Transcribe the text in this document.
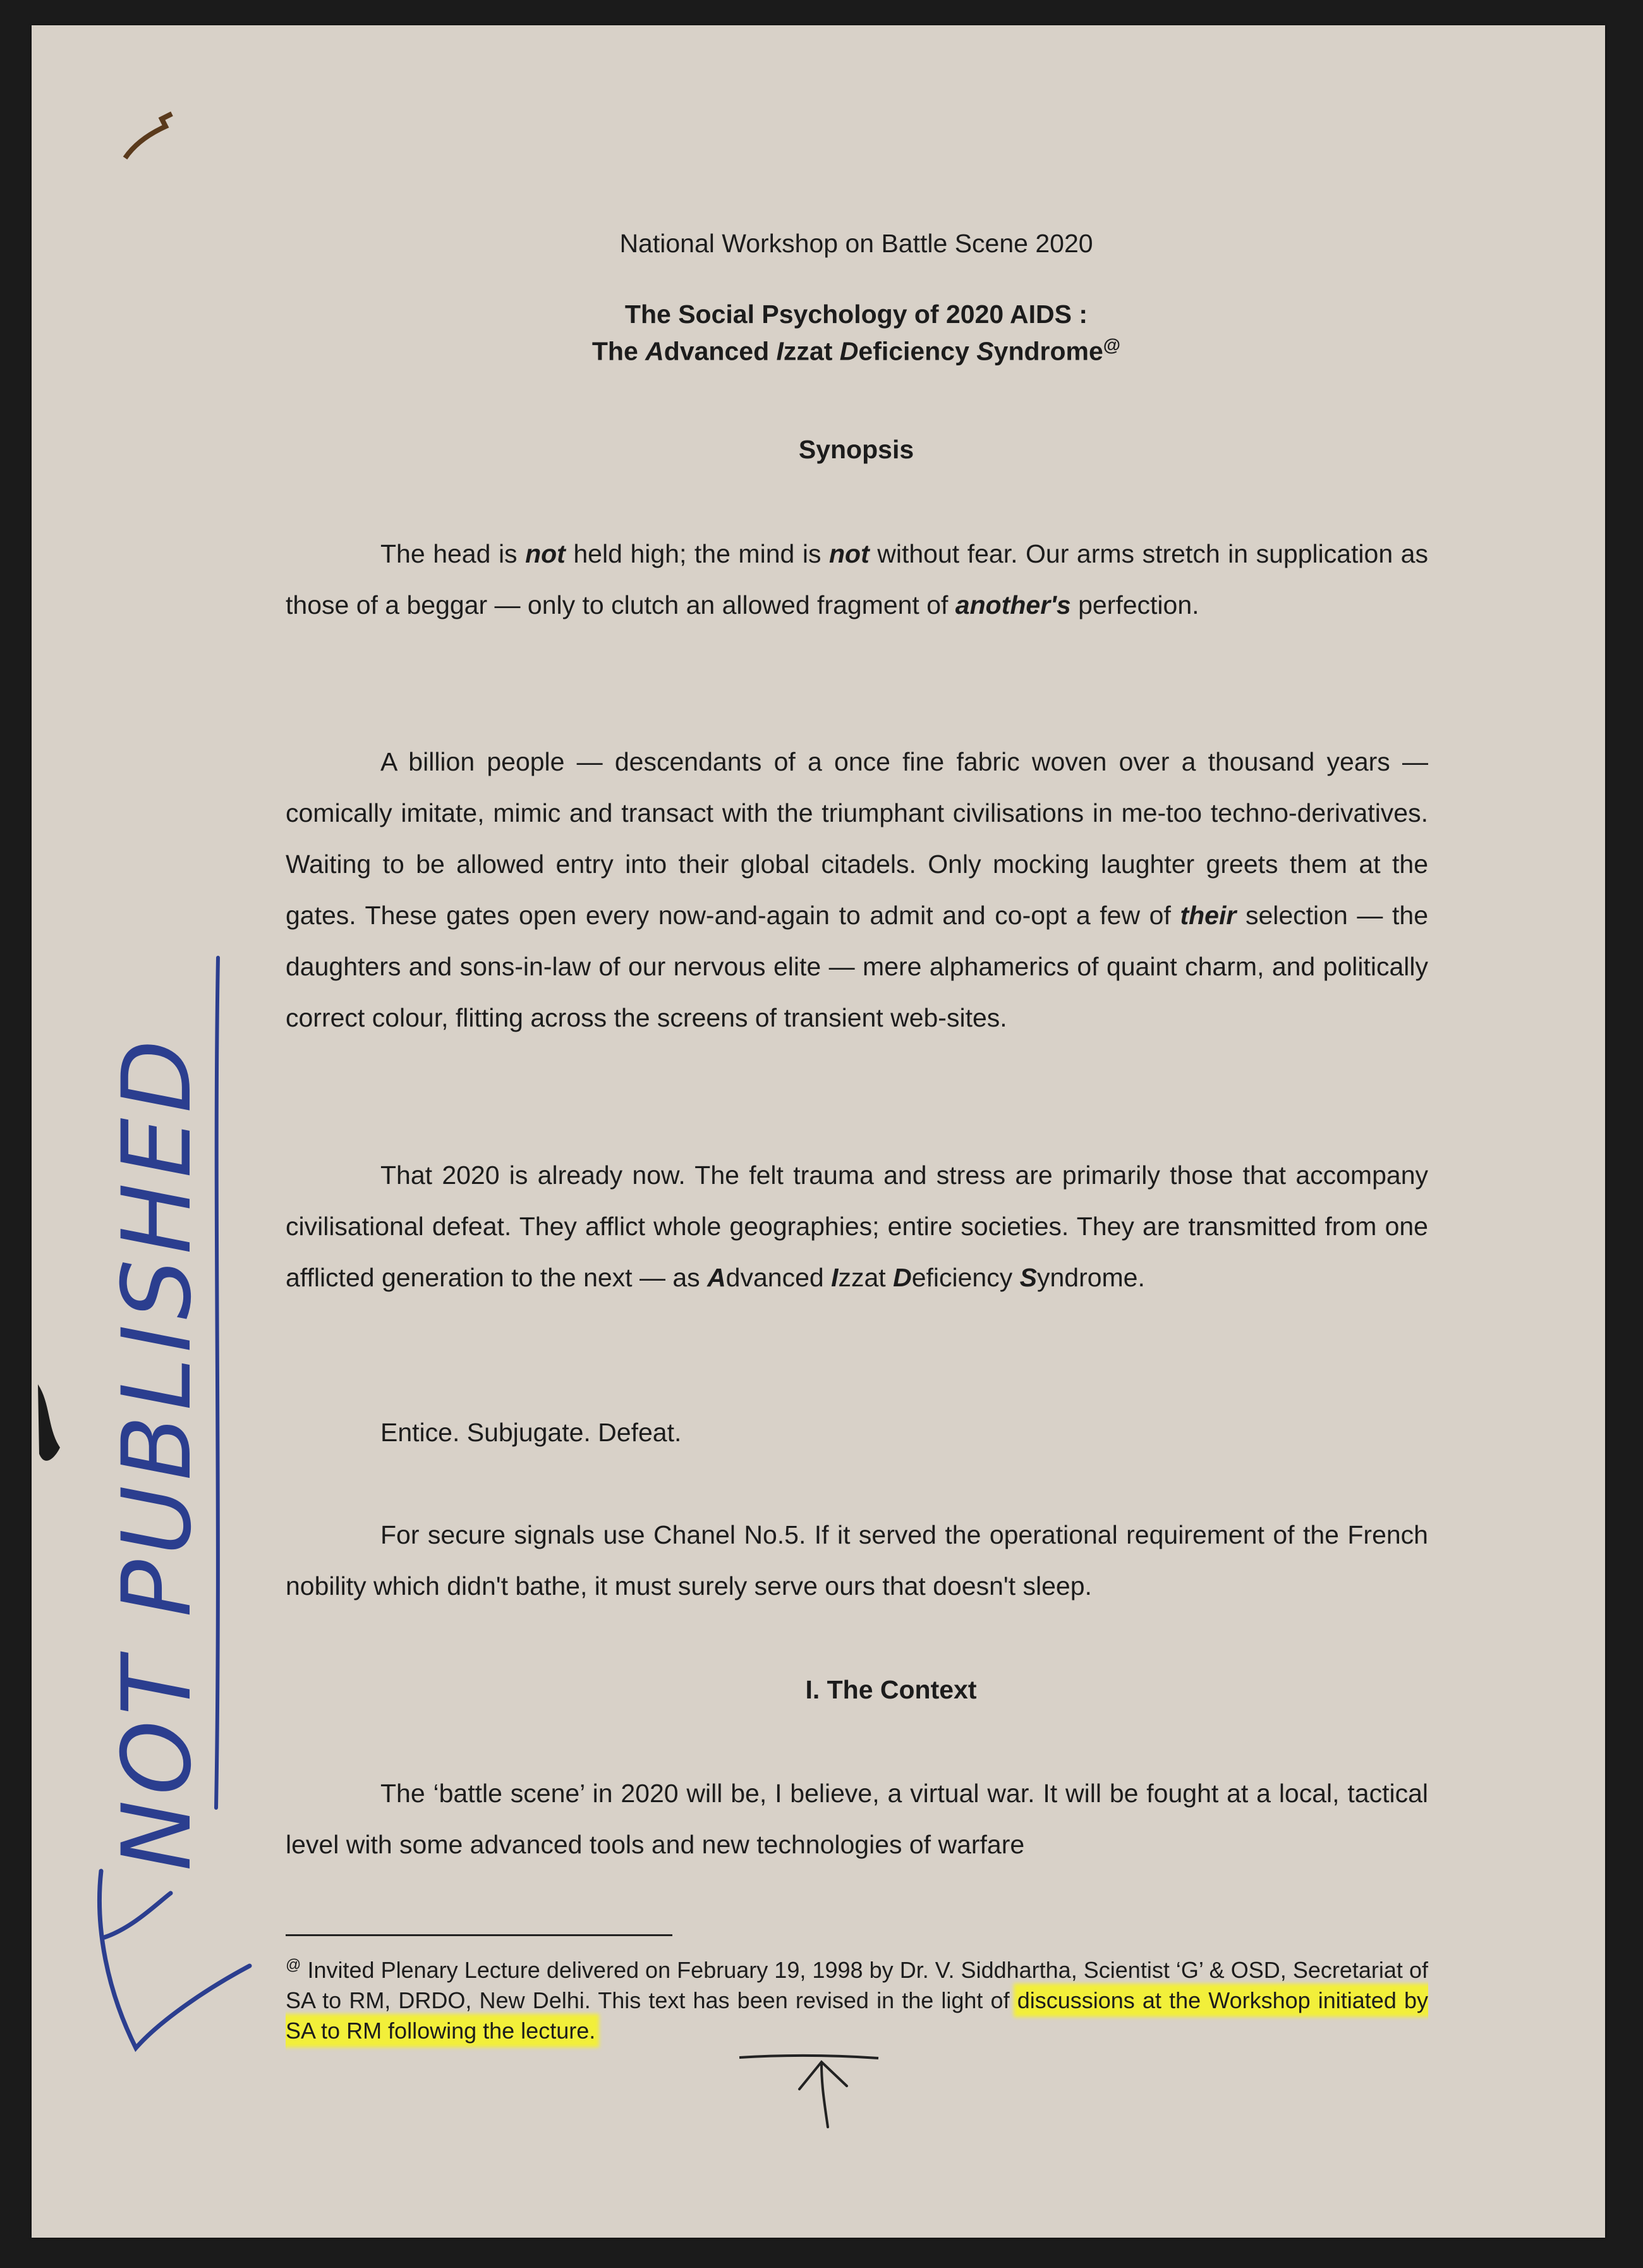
National Workshop on Battle Scene 2020
The Social Psychology of 2020 AIDS :
The Advanced Izzat Deficiency Syndrome@
Synopsis

The head is not held high; the mind is not without fear. Our arms stretch in supplication as those of a beggar — only to clutch an allowed fragment of another's perfection.

A billion people — descendants of a once fine fabric woven over a thousand years — comically imitate, mimic and transact with the triumphant civilisations in me-too techno-derivatives. Waiting to be allowed entry into their global citadels. Only mocking laughter greets them at the gates. These gates open every now-and-again to admit and co-opt a few of their selection — the daughters and sons-in-law of our nervous elite — mere alphamerics of quaint charm, and politically correct colour, flitting across the screens of transient web-sites.

That 2020 is already now. The felt trauma and stress are primarily those that accompany civilisational defeat. They afflict whole geographies; entire societies. They are transmitted from one afflicted generation to the next — as Advanced Izzat Deficiency Syndrome.

Entice. Subjugate. Defeat.

For secure signals use Chanel No.5. If it served the operational requirement of the French nobility which didn't bathe, it must surely serve ours that doesn't sleep.

I. The Context

The ‘battle scene’ in 2020 will be, I believe, a virtual war. It will be fought at a local, tactical level with some advanced tools and new technologies of warfare

@ Invited Plenary Lecture delivered on February 19, 1998 by Dr. V. Siddhartha, Scientist ‘G’ & OSD, Secretariat of SA to RM, DRDO, New Delhi. This text has been revised in the light of discussions at the Workshop initiated by SA to RM following the lecture.

NOT PUBLISHED
